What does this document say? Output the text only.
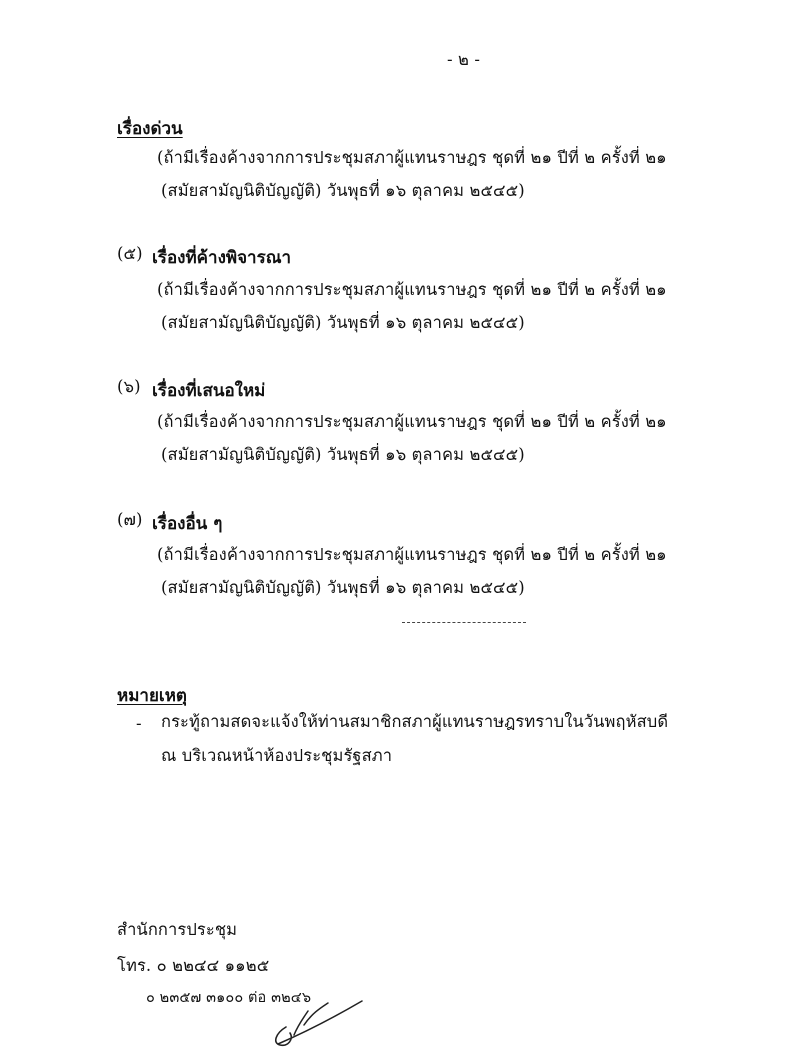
- ๒ -
เรื่องด่วน
(ถ้ามีเรื่องค้างจากการประชุมสภาผู้แทนราษฎร ชุดที่ ๒๑ ปีที่ ๒ ครั้งที่ ๒๑
(สมัยสามัญนิติบัญญัติ) วันพุธที่ ๑๖ ตุลาคม ๒๕๔๕)
(๕) เรื่องที่ค้างพิจารณา
(ถ้ามีเรื่องค้างจากการประชุมสภาผู้แทนราษฎร ชุดที่ ๒๑ ปีที่ ๒ ครั้งที่ ๒๑
(สมัยสามัญนิติบัญญัติ) วันพุธที่ ๑๖ ตุลาคม ๒๕๔๕)
(๖) เรื่องที่เสนอใหม่
(ถ้ามีเรื่องค้างจากการประชุมสภาผู้แทนราษฎร ชุดที่ ๒๑ ปีที่ ๒ ครั้งที่ ๒๑
(สมัยสามัญนิติบัญญัติ) วันพุธที่ ๑๖ ตุลาคม ๒๕๔๕)
(๗) เรื่องอื่น ๆ
(ถ้ามีเรื่องค้างจากการประชุมสภาผู้แทนราษฎร ชุดที่ ๒๑ ปีที่ ๒ ครั้งที่ ๒๑
(สมัยสามัญนิติบัญญัติ) วันพุธที่ ๑๖ ตุลาคม ๒๕๔๕)
หมายเหตุ
- กระทู้ถามสดจะแจ้งให้ท่านสมาชิกสภาผู้แทนราษฎรทราบในวันพฤหัสบดี
ณ บริเวณหน้าห้องประชุมรัฐสภา
สำนักการประชุม
โทร. ๐ ๒๒๔๔ ๑๑๒๕
๐ ๒๓๕๗ ๓๑๐๐ ต่อ ๓๒๔๖
